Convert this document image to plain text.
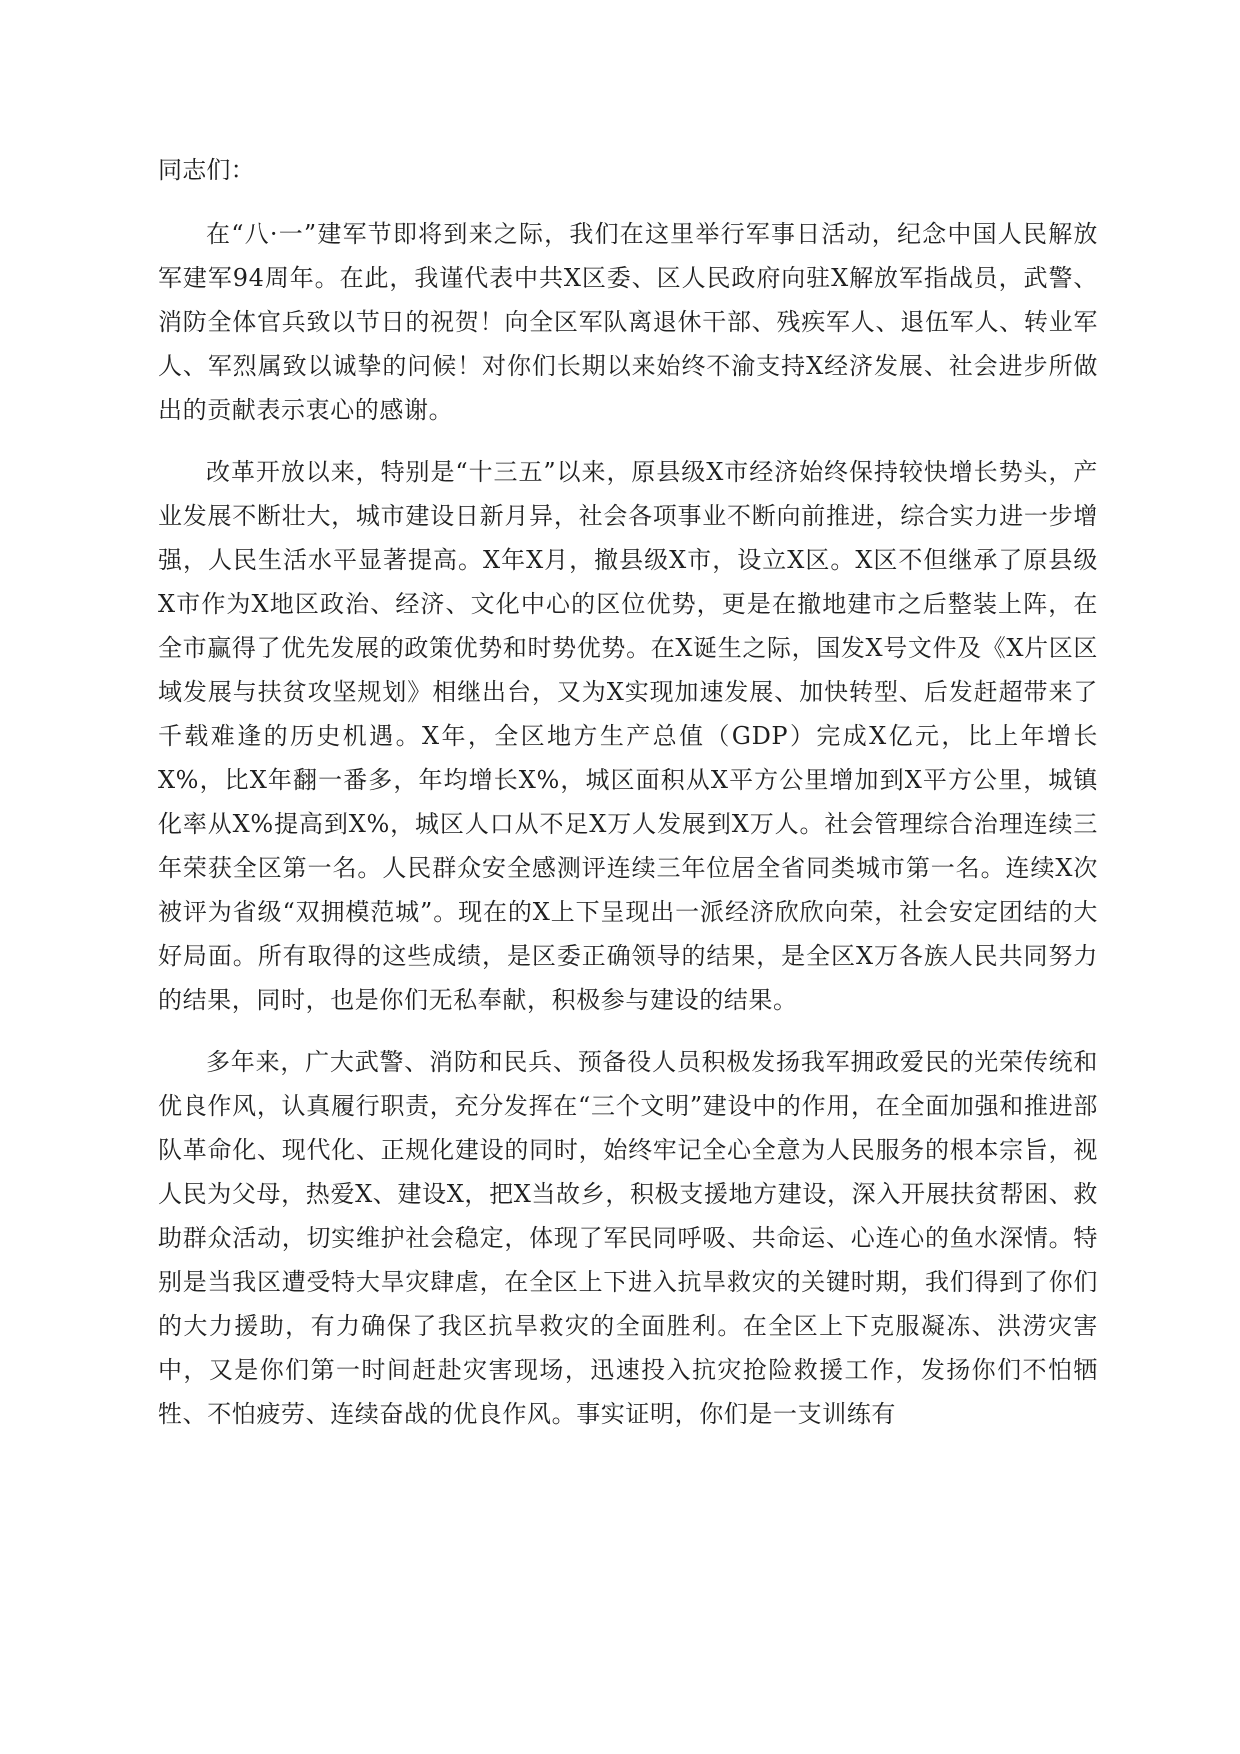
同志们：

在“八·一”建军节即将到来之际，我们在这里举行军事日活动，纪念中国人民解放军建军94周年。在此，我谨代表中共X区委、区人民政府向驻X解放军指战员，武警、消防全体官兵致以节日的祝贺！向全区军队离退休干部、残疾军人、退伍军人、转业军人、军烈属致以诚挚的问候！对你们长期以来始终不渝支持X经济发展、社会进步所做出的贡献表示衷心的感谢。

改革开放以来，特别是“十三五”以来，原县级X市经济始终保持较快增长势头，产业发展不断壮大，城市建设日新月异，社会各项事业不断向前推进，综合实力进一步增强，人民生活水平显著提高。X年X月，撤县级X市，设立X区。X区不但继承了原县级X市作为X地区政治、经济、文化中心的区位优势，更是在撤地建市之后整装上阵，在全市赢得了优先发展的政策优势和时势优势。在X诞生之际，国发X号文件及《X片区区域发展与扶贫攻坚规划》相继出台，又为X实现加速发展、加快转型、后发赶超带来了千载难逢的历史机遇。X年，全区地方生产总值（GDP）完成X亿元，比上年增长X%，比X年翻一番多，年均增长X%，城区面积从X平方公里增加到X平方公里，城镇化率从X%提高到X%，城区人口从不足X万人发展到X万人。社会管理综合治理连续三年荣获全区第一名。人民群众安全感测评连续三年位居全省同类城市第一名。连续X次被评为省级“双拥模范城”。现在的X上下呈现出一派经济欣欣向荣，社会安定团结的大好局面。所有取得的这些成绩，是区委正确领导的结果，是全区X万各族人民共同努力的结果，同时，也是你们无私奉献，积极参与建设的结果。

多年来，广大武警、消防和民兵、预备役人员积极发扬我军拥政爱民的光荣传统和优良作风，认真履行职责，充分发挥在“三个文明”建设中的作用，在全面加强和推进部队革命化、现代化、正规化建设的同时，始终牢记全心全意为人民服务的根本宗旨，视人民为父母，热爱X、建设X，把X当故乡，积极支援地方建设，深入开展扶贫帮困、救助群众活动，切实维护社会稳定，体现了军民同呼吸、共命运、心连心的鱼水深情。特别是当我区遭受特大旱灾肆虐，在全区上下进入抗旱救灾的关键时期，我们得到了你们的大力援助，有力确保了我区抗旱救灾的全面胜利。在全区上下克服凝冻、洪涝灾害中，又是你们第一时间赶赴灾害现场，迅速投入抗灾抢险救援工作，发扬你们不怕牺牲、不怕疲劳、连续奋战的优良作风。事实证明，你们是一支训练有
